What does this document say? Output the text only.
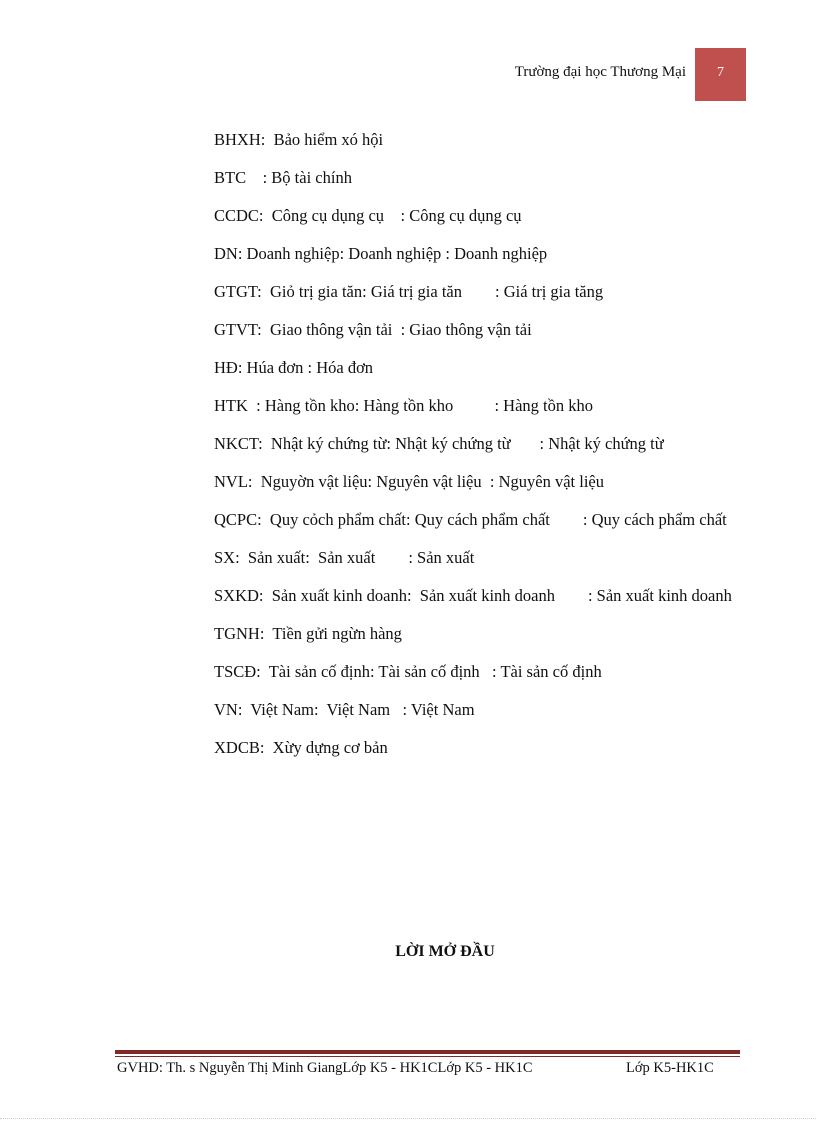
Trường đại học Thương Mại 7

BHXH:  Bảo hiểm xó hội

BTC    : Bộ tài chính

CCDC:  Công cụ dụng cụ    : Công cụ dụng cụ

DN: Doanh nghiệp: Doanh nghiệp : Doanh nghiệp

GTGT:  Giỏ trị gia tăn: Giá trị gia tăn        : Giá trị gia tăng

GTVT:  Giao thông vận tải  : Giao thông vận tải

HĐ: Húa đơn : Hóa đơn

HTK  : Hàng tồn kho: Hàng tồn kho          : Hàng tồn kho

NKCT:  Nhật ký chứng từ: Nhật ký chứng từ       : Nhật ký chứng từ

NVL:  Nguyờn vật liệu: Nguyên vật liệu  : Nguyên vật liệu

QCPC:  Quy cỏch phẩm chất: Quy cách phẩm chất        : Quy cách phẩm chất

SX:  Sản xuất:  Sản xuất        : Sản xuất

SXKD:  Sản xuất kinh doanh:  Sản xuất kinh doanh        : Sản xuất kinh doanh

TGNH:  Tiền gửi ngừn hàng

TSCĐ:  Tài sản cố định: Tài sản cố định   : Tài sản cố định

VN:  Việt Nam:  Việt Nam   : Việt Nam

XDCB:  Xừy dựng cơ bản

LỜI MỞ ĐẦU
GVHD: Th. s Nguyễn Thị Minh GiangLớp K5 - HK1CLớp K5 - HK1C	Lớp K5-HK1C
